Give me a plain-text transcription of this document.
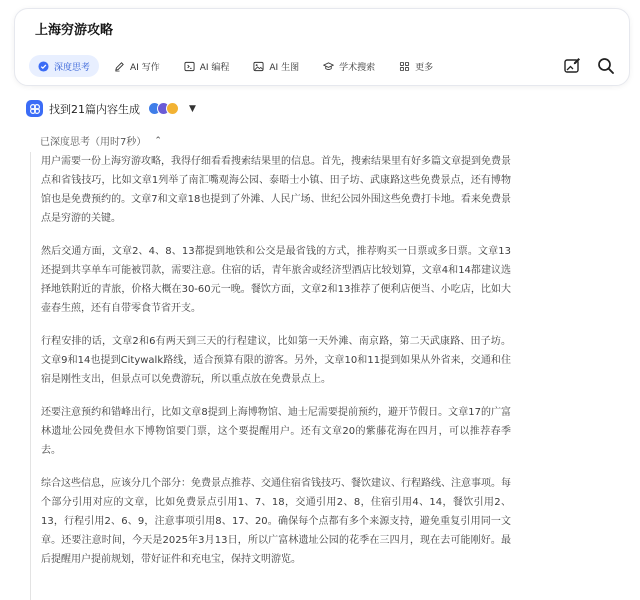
上海穷游攻略
深度思考	AI 写作	AI 编程	AI 生图	学术搜索	更多
找到21篇内容生成	▼
已深度思考（用时7秒） ⌃

用户需要一份上海穷游攻略，我得仔细看看搜索结果里的信息。首先，搜索结果里有好多篇文章提到免费景点和省钱技巧，比如文章1列举了南汇嘴观海公园、泰晤士小镇、田子坊、武康路这些免费景点，还有博物馆也是免费预约的。文章7和文章18也提到了外滩、人民广场、世纪公园外围这些免费打卡地。看来免费景点是穷游的关键。

然后交通方面，文章2、4、8、13都提到地铁和公交是最省钱的方式，推荐购买一日票或多日票。文章13还提到共享单车可能被罚款，需要注意。住宿的话，青年旅舍或经济型酒店比较划算，文章4和14都建议选择地铁附近的青旅，价格大概在30-60元一晚。餐饮方面，文章2和13推荐了便利店便当、小吃店，比如大壶春生煎，还有自带零食节省开支。

行程安排的话，文章2和6有两天到三天的行程建议，比如第一天外滩、南京路，第二天武康路、田子坊。文章9和14也提到Citywalk路线，适合预算有限的游客。另外，文章10和11提到如果从外省来，交通和住宿是刚性支出，但景点可以免费游玩，所以重点放在免费景点上。

还要注意预约和错峰出行，比如文章8提到上海博物馆、迪士尼需要提前预约，避开节假日。文章17的广富林遗址公园免费但水下博物馆要门票，这个要提醒用户。还有文章20的紫藤花海在四月，可以推荐春季去。

综合这些信息，应该分几个部分：免费景点推荐、交通住宿省钱技巧、餐饮建议、行程路线、注意事项。每个部分引用对应的文章，比如免费景点引用1、7、18，交通引用2、8，住宿引用4、14，餐饮引用2、13，行程引用2、6、9，注意事项引用8、17、20。确保每个点都有多个来源支持，避免重复引用同一文章。还要注意时间，今天是2025年3月13日，所以广富林遗址公园的花季在三四月，现在去可能刚好。最后提醒用户提前规划，带好证件和充电宝，保持文明游览。
